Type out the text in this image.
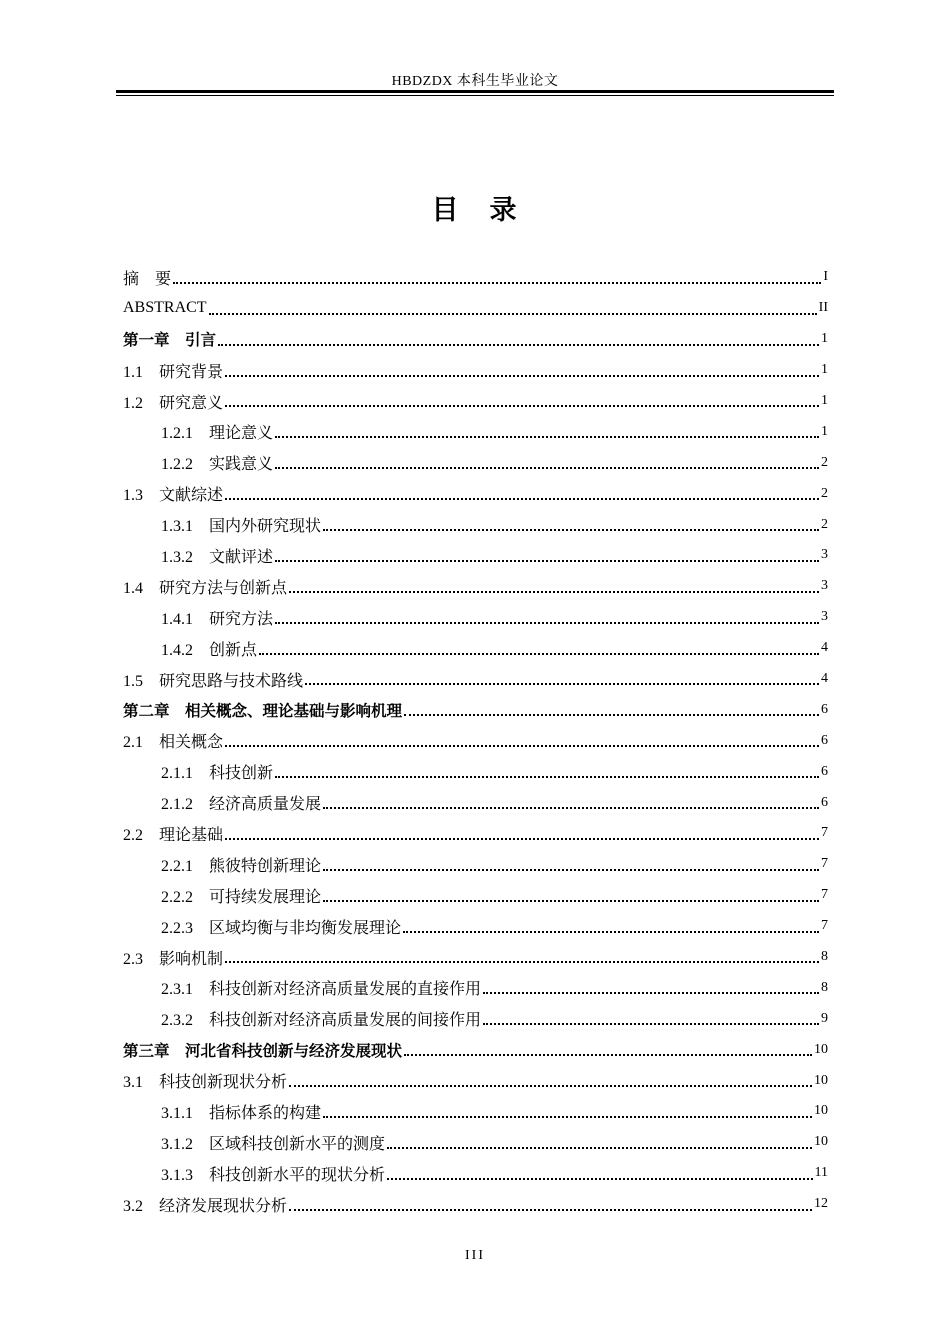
HBDZDX 本科生毕业论文
目　录
摘　要	I
ABSTRACT	II
第一章　引言	1
1.1　研究背景	1
1.2　研究意义	1
1.2.1　理论意义	1
1.2.2　实践意义	2
1.3　文献综述	2
1.3.1　国内外研究现状	2
1.3.2　文献评述	3
1.4　研究方法与创新点	3
1.4.1　研究方法	3
1.4.2　创新点	4
1.5　研究思路与技术路线	4
第二章　相关概念、理论基础与影响机理	6
2.1　相关概念	6
2.1.1　科技创新	6
2.1.2　经济高质量发展	6
2.2　理论基础	7
2.2.1　熊彼特创新理论	7
2.2.2　可持续发展理论	7
2.2.3　区域均衡与非均衡发展理论	7
2.3　影响机制	8
2.3.1　科技创新对经济高质量发展的直接作用	8
2.3.2　科技创新对经济高质量发展的间接作用	9
第三章　河北省科技创新与经济发展现状	10
3.1　科技创新现状分析	10
3.1.1　指标体系的构建	10
3.1.2　区域科技创新水平的测度	10
3.1.3　科技创新水平的现状分析	11
3.2　经济发展现状分析	12
III
